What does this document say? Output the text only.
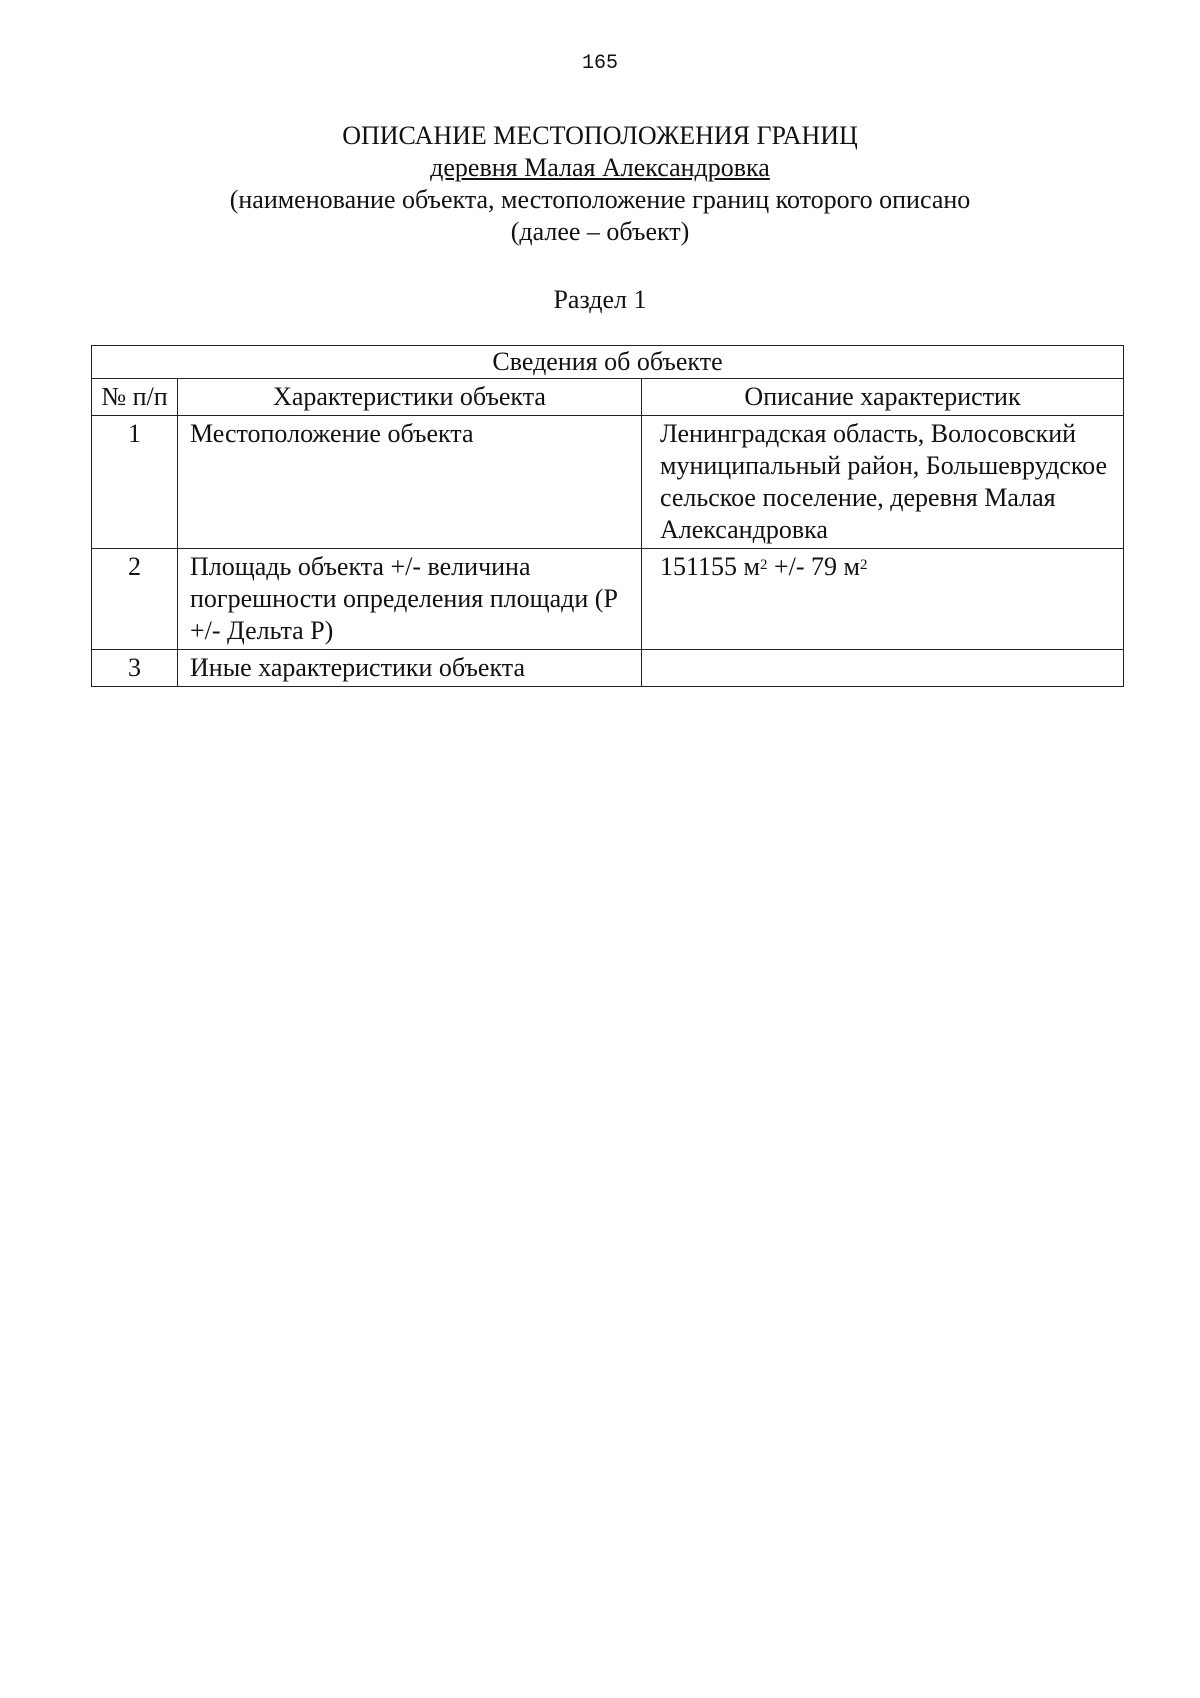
165
ОПИСАНИЕ МЕСТОПОЛОЖЕНИЯ ГРАНИЦ
деревня Малая Александровка
(наименование объекта, местоположение границ которого описано
(далее – объект)
Раздел 1
Сведения об объекте		
№ п/п	Характеристики объекта	Описание характеристик
1	Местоположение объекта	Ленинградская область, Волосовский муниципальный район, Большеврудское сельское поселение, деревня Малая Александровка
2	Площадь объекта +/- величина погрешности определения площади (Р +/- Дельта Р)	151155 $м^2$ +/- 79 $м^2$
3	Иные характеристики объекта	
